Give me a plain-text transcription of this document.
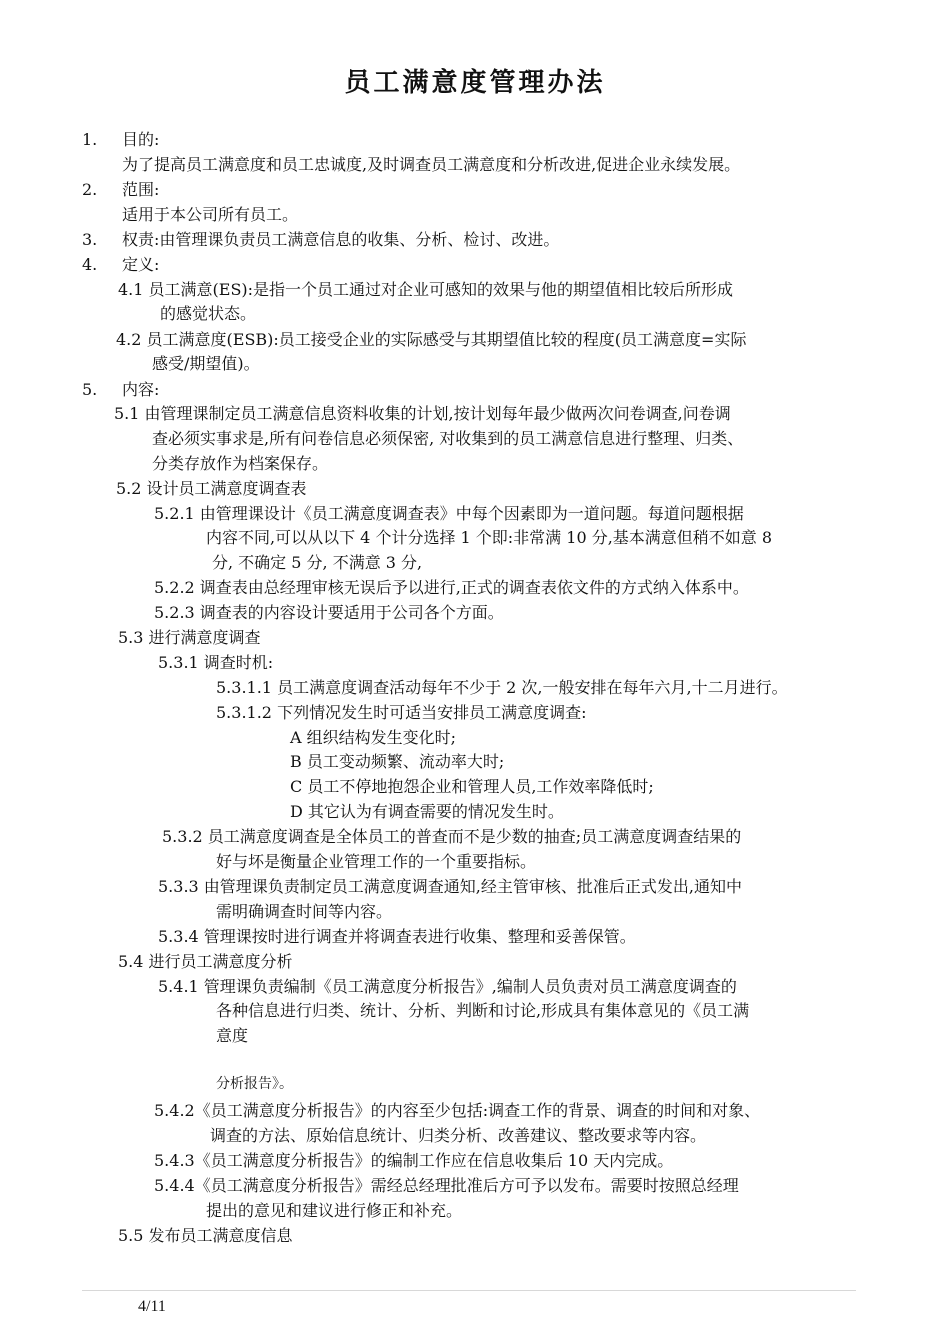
员工满意度管理办法
1. 目的:
为了提高员工满意度和员工忠诚度,及时调查员工满意度和分析改进,促进企业永续发展。
2. 范围:
适用于本公司所有员工。
3. 权责:由管理课负责员工满意信息的收集、分析、检讨、改进。
4. 定义:
4.1 员工满意(ES):是指一个员工通过对企业可感知的效果与他的期望值相比较后所形成
的感觉状态。
4.2 员工满意度(ESB):员工接受企业的实际感受与其期望值比较的程度(员工满意度=实际
感受/期望值)。
5. 内容:
5.1 由管理课制定员工满意信息资料收集的计划,按计划每年最少做两次问卷调查,问卷调
查必须实事求是,所有问卷信息必须保密, 对收集到的员工满意信息进行整理、归类、
分类存放作为档案保存。
5.2 设计员工满意度调查表
5.2.1 由管理课设计《员工满意度调查表》中每个因素即为一道问题。每道问题根据
内容不同,可以从以下 4 个计分选择 1 个即:非常满 10 分,基本满意但稍不如意 8
分, 不确定 5 分, 不满意 3 分,
5.2.2 调查表由总经理审核无误后予以进行,正式的调查表依文件的方式纳入体系中。
5.2.3 调查表的内容设计要适用于公司各个方面。
5.3 进行满意度调查
5.3.1 调查时机:
5.3.1.1 员工满意度调查活动每年不少于 2 次,一般安排在每年六月,十二月进行。
5.3.1.2 下列情况发生时可适当安排员工满意度调查:
A 组织结构发生变化时;
B 员工变动频繁、流动率大时;
C 员工不停地抱怨企业和管理人员,工作效率降低时;
D 其它认为有调查需要的情况发生时。
5.3.2 员工满意度调查是全体员工的普查而不是少数的抽查;员工满意度调查结果的
好与坏是衡量企业管理工作的一个重要指标。
5.3.3 由管理课负责制定员工满意度调查通知,经主管审核、批准后正式发出,通知中
需明确调查时间等内容。
5.3.4 管理课按时进行调查并将调查表进行收集、整理和妥善保管。
5.4 进行员工满意度分析
5.4.1 管理课负责编制《员工满意度分析报告》,编制人员负责对员工满意度调查的
各种信息进行归类、统计、分析、判断和讨论,形成具有集体意见的《员工满
意度
分析报告》。
5.4.2《员工满意度分析报告》的内容至少包括:调查工作的背景、调查的时间和对象、
调查的方法、原始信息统计、归类分析、改善建议、整改要求等内容。
5.4.3《员工满意度分析报告》的编制工作应在信息收集后 10 天内完成。
5.4.4《员工满意度分析报告》需经总经理批准后方可予以发布。需要时按照总经理
提出的意见和建议进行修正和补充。
5.5 发布员工满意度信息
4/11
